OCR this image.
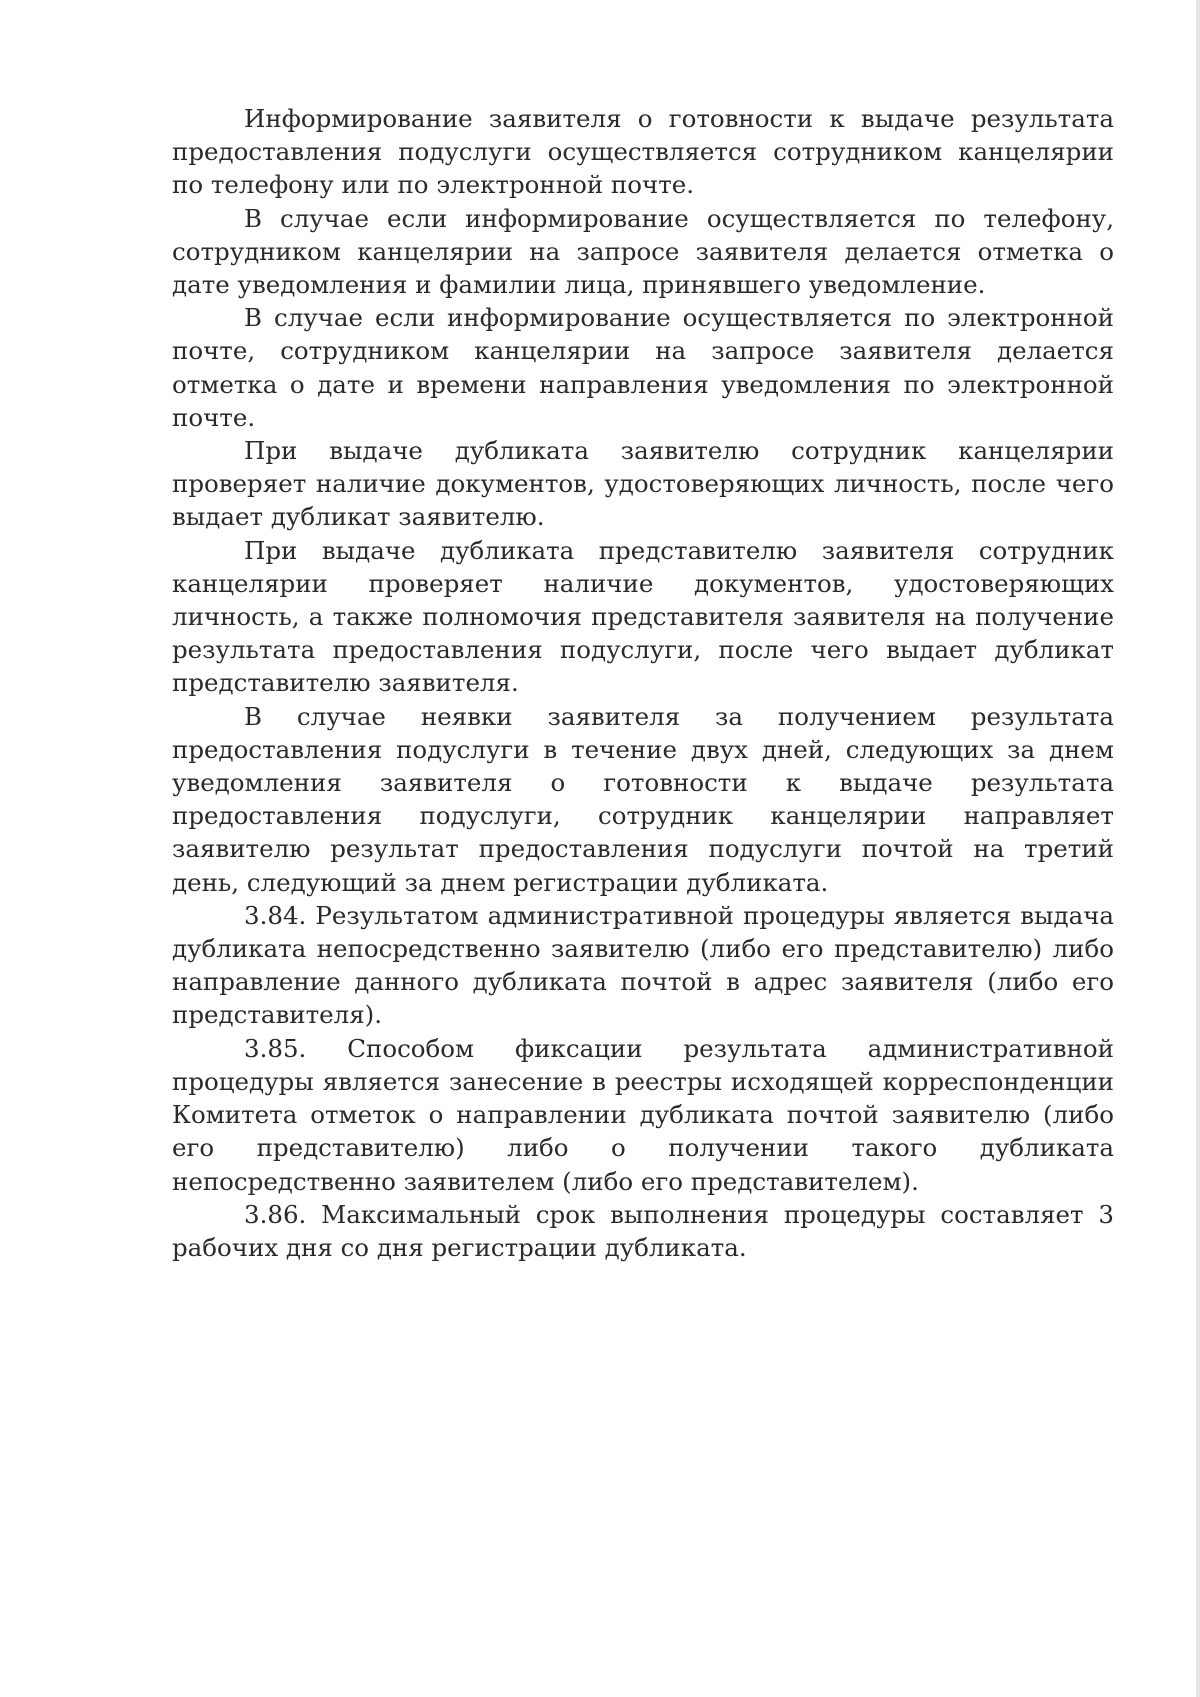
Информирование заявителя о готовности к выдаче результата предоставления подуслуги осуществляется сотрудником канцелярии по телефону или по электронной почте.

В случае если информирование осуществляется по телефону, сотрудником канцелярии на запросе заявителя делается отметка о дате уведомления и фамилии лица, принявшего уведомление.

В случае если информирование осуществляется по электронной почте, сотрудником канцелярии на запросе заявителя делается отметка о дате и времени направления уведомления по электронной почте.

При выдаче дубликата заявителю сотрудник канцелярии проверяет наличие документов, удостоверяющих личность, после чего выдает дубликат заявителю.

При выдаче дубликата представителю заявителя сотрудник канцелярии проверяет наличие документов, удостоверяющих личность, а также полномочия представителя заявителя на получение результата предоставления подуслуги, после чего выдает дубликат представителю заявителя.

В случае неявки заявителя за получением результата предоставления подуслуги в течение двух дней, следующих за днем уведомления заявителя о готовности к выдаче результата предоставления подуслуги, сотрудник канцелярии направляет заявителю результат предоставления подуслуги почтой на третий день, следующий за днем регистрации дубликата.

3.84. Результатом административной процедуры является выдача дубликата непосредственно заявителю (либо его представителю) либо направление данного дубликата почтой в адрес заявителя (либо его представителя).

3.85. Способом фиксации результата административной процедуры является занесение в реестры исходящей корреспонденции Комитета отметок о направлении дубликата почтой заявителю (либо его представителю) либо о получении такого дубликата непосредственно заявителем (либо его представителем).

3.86. Максимальный срок выполнения процедуры составляет 3 рабочих дня со дня регистрации дубликата.
